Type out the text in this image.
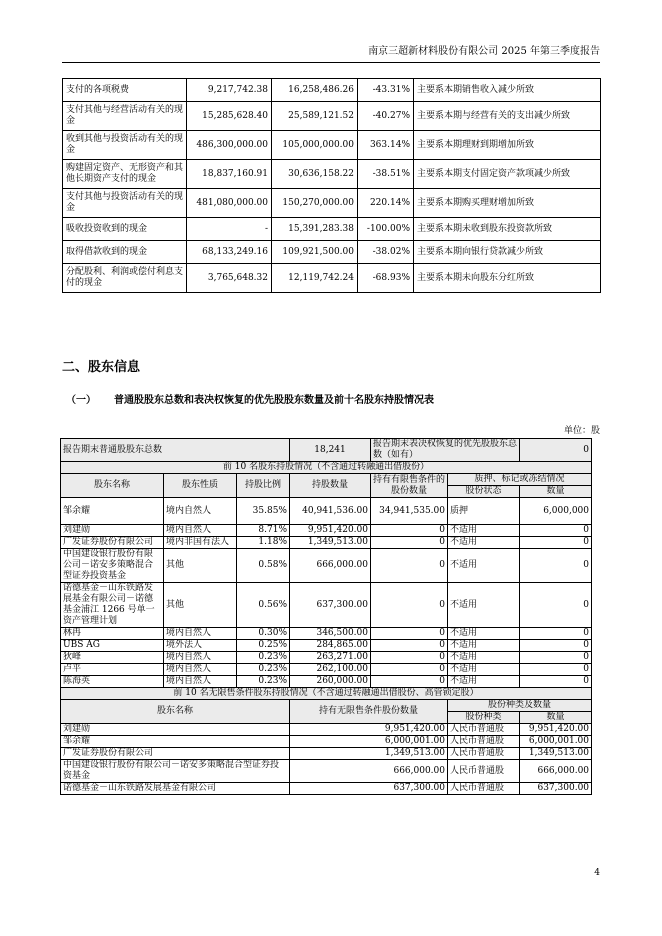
南京三超新材料股份有限公司 2025 年第三季度报告
支付的各项税费	9,217,742.38	16,258,486.26	-43.31%	主要系本期销售收入减少所致
支付其他与经营活动有关的现金	15,285,628.40	25,589,121.52	-40.27%	主要系本期与经营有关的支出减少所致
收到其他与投资活动有关的现金	486,300,000.00	105,000,000.00	363.14%	主要系本期理财到期增加所致
购建固定资产、无形资产和其他长期资产支付的现金	18,837,160.91	30,636,158.22	-38.51%	主要系本期支付固定资产款项减少所致
支付其他与投资活动有关的现金	481,080,000.00	150,270,000.00	220.14%	主要系本期购买理财增加所致
吸收投资收到的现金	-	15,391,283.38	-100.00%	主要系本期未收到股东投资款所致
取得借款收到的现金	68,133,249.16	109,921,500.00	-38.02%	主要系本期向银行贷款减少所致
分配股利、利润或偿付利息支付的现金	3,765,648.32	12,119,742.24	-68.93%	主要系本期未向股东分红所致
二、股东信息
（一） 普通股股东总数和表决权恢复的优先股股东数量及前十名股东持股情况表
单位：股
报告期末普通股股东总数			18,241	报告期末表决权恢复的优先股股东总数（如有）		0
前 10 名股东持股情况（不含通过转融通出借股份）						
股东名称	股东性质	持股比例	持股数量	持有有限售条件的股份数量	质押、标记或冻结情况	
					股份状态	数量
邹余耀	境内自然人	35.85%	40,941,536.00	34,941,535.00	质押	6,000,000
刘建勋	境内自然人	8.71%	9,951,420.00	0	不适用	0
广发证券股份有限公司	境内非国有法人	1.18%	1,349,513.00	0	不适用	0
中国建设银行股份有限公司－诺安多策略混合型证券投资基金	其他	0.58%	666,000.00	0	不适用	0
诺德基金－山东铁路发展基金有限公司－诺德基金浦江 1266 号单一资产管理计划	其他	0.56%	637,300.00	0	不适用	0
林冉	境内自然人	0.30%	346,500.00	0	不适用	0
UBS AG	境外法人	0.25%	284,865.00	0	不适用	0
狄峰	境内自然人	0.23%	263,271.00	0	不适用	0
卢平	境内自然人	0.23%	262,100.00	0	不适用	0
陈海英	境内自然人	0.23%	260,000.00	0	不适用	0
前 10 名无限售条件股东持股情况（不含通过转融通出借股份、高管锁定股）						
股东名称			持有无限售条件股份数量		股份种类及数量	
					股份种类	数量
刘建勋			9,951,420.00		人民币普通股	9,951,420.00
邹余耀			6,000,001.00		人民币普通股	6,000,001.00
广发证券股份有限公司			1,349,513.00		人民币普通股	1,349,513.00
中国建设银行股份有限公司－诺安多策略混合型证券投资基金			666,000.00		人民币普通股	666,000.00
诺德基金－山东铁路发展基金有限公司			637,300.00		人民币普通股	637,300.00
4
